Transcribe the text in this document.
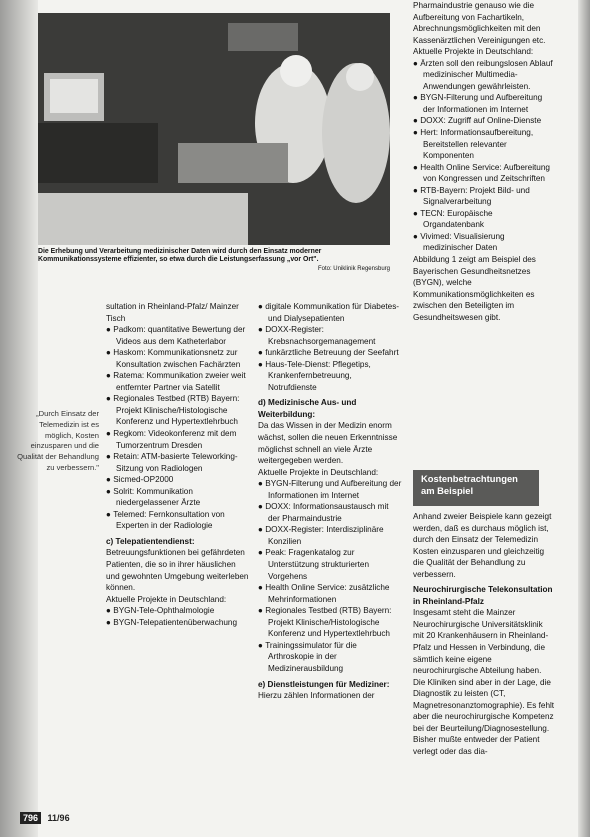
Die Erhebung und Verarbeitung medizinischer Daten wird durch den Einsatz moderner Kommunikationssysteme effizienter, so etwa durch die Leistungserfassung „vor Ort".
Foto: Uniklinik Regensburg

Pharmaindustrie genauso wie die Aufbereitung von Fachartikeln, Abrechnungsmöglichkeiten mit den Kassenärztlichen Vereinigungen etc.

Aktuelle Projekte in Deutschland:

● Ärzten soll den reibungslosen Ablauf medizinischer Multimedia-Anwendungen gewährleisten.

● BYGN-Filterung und Aufbereitung der Informationen im Internet

● DOXX: Zugriff auf Online-Dienste

● Hert: Informationsaufbereitung, Bereitstellen relevanter Komponenten

● Health Online Service: Aufbereitung von Kongressen und Zeitschriften

● RTB-Bayern: Projekt Bild- und Signalverarbeitung

● TECN: Europäische Organdatenbank

● Vivimed: Visualisierung medizinischer Daten

Abbildung 1 zeigt am Beispiel des Bayerischen Gesundheitsnetzes (BYGN), welche Kommunikationsmöglichkeiten es zwischen den Beteiligten im Gesundheitswesen gibt.

Kostenbetrachtungen am Beispiel

Anhand zweier Beispiele kann gezeigt werden, daß es durchaus möglich ist, durch den Einsatz der Telemedizin Kosten einzusparen und gleichzeitig die Qualität der Behandlung zu verbessern.

Neurochirurgische Telekonsultation in Rheinland-Pfalz

Insgesamt steht die Mainzer Neurochirurgische Universitätsklinik mit 20 Krankenhäusern in Rheinland-Pfalz und Hessen in Verbindung, die sämtlich keine eigene neurochirurgische Abteilung haben. Die Kliniken sind aber in der Lage, die Diagnostik zu leisten (CT, Magnetresonanztomographie). Es fehlt aber die neurochirurgische Kompetenz bei der Beurteilung/Diagnosestellung. Bisher mußte entweder der Patient verlegt oder das dia-

● digitale Kommunikation für Diabetes- und Dialysepatienten

● DOXX-Register: Krebsnachsorgemanagement

● funkärztliche Betreuung der Seefahrt

● Haus-Tele-Dienst: Pflegetips, Krankenfernbetreuung, Notrufdienste

d) Medizinische Aus- und Weiterbildung:

Da das Wissen in der Medizin enorm wächst, sollen die neuen Erkenntnisse möglichst schnell an viele Ärzte weitergegeben werden.

Aktuelle Projekte in Deutschland:

● BYGN-Filterung und Aufbereitung der Informationen im Internet

● DOXX: Informationsaustausch mit der Pharmaindustrie

● DOXX-Register: Interdisziplinäre Konzilien

● Peak: Fragenkatalog zur Unterstützung strukturierten Vorgehens

● Health Online Service: zusätzliche Mehrinformationen

● Regionales Testbed (RTB) Bayern: Projekt Klinische/Histologische Konferenz und Hypertextlehrbuch

● Trainingssimulator für die Arthroskopie in der Medizinerausbildung

e) Dienstleistungen für Mediziner:

Hierzu zählen Informationen der

sultation in Rheinland-Pfalz/ Mainzer Tisch

● Padkom: quantitative Bewertung der Videos aus dem Katheterlabor

● Haskom: Kommunikationsnetz zur Konsultation zwischen Fachärzten

● Ratema: Kommunikation zweier weit entfernter Partner via Satellit

● Regionales Testbed (RTB) Bayern: Projekt Klinische/Histologische Konferenz und Hypertextlehrbuch

● Regkom: Videokonferenz mit dem Tumorzentrum Dresden

● Retain: ATM-basierte Teleworking-Sitzung von Radiologen

● Sicmed-OP2000

● Solrit: Kommunikation niedergelassener Ärzte

● Telemed: Fernkonsultation von Experten in der Radiologie

c) Telepatientendienst:

Betreuungsfunktionen bei gefährdeten Patienten, die so in ihrer häuslichen und gewohnten Umgebung weiterleben können.

Aktuelle Projekte in Deutschland:

● BYGN-Tele-Ophthalmologie

● BYGN-Telepatientenüberwachung

„Durch Einsatz der Telemedizin ist es möglich, Kosten einzusparen und die Qualität der Behandlung zu verbessern."
796 11/96
